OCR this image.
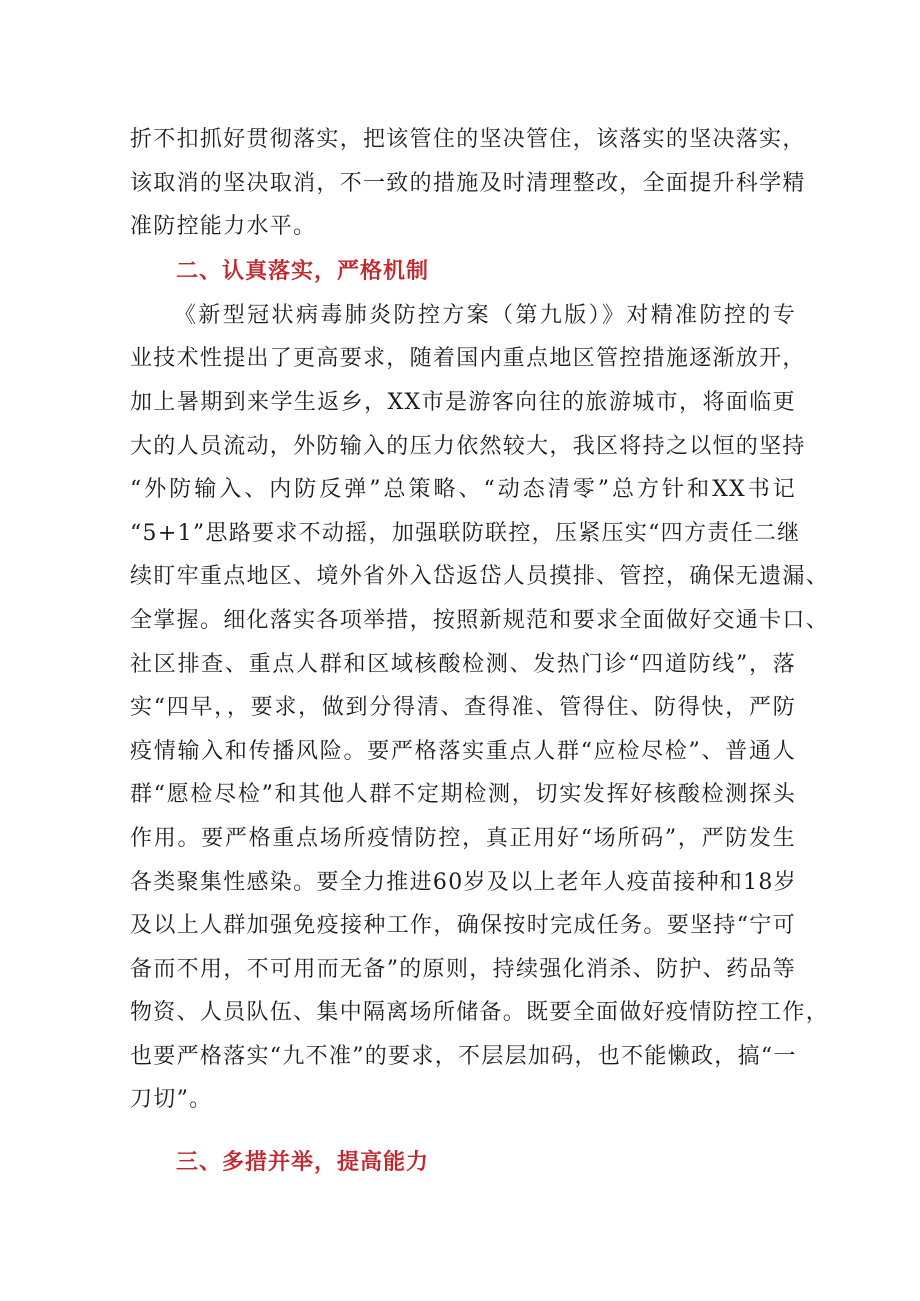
折不扣抓好贯彻落实，把该管住的坚决管住，该落实的坚决落实，
该取消的坚决取消，不一致的措施及时清理整改，全面提升科学精
准防控能力水平。
二、认真落实，严格机制
《新型冠状病毒肺炎防控方案（第九版）》对精准防控的专
业技术性提出了更高要求，随着国内重点地区管控措施逐渐放开，
加上暑期到来学生返乡，XX市是游客向往的旅游城市，将面临更
大的人员流动，外防输入的压力依然较大，我区将持之以恒的坚持
“外防输入、内防反弹”总策略、“动态清零”总方针和XX书记
“5+1”思路要求不动摇，加强联防联控，压紧压实“四方责任二继
续盯牢重点地区、境外省外入岱返岱人员摸排、管控，确保无遗漏、
全掌握。细化落实各项举措，按照新规范和要求全面做好交通卡口、
社区排查、重点人群和区域核酸检测、发热门诊“四道防线”，落
实“四早，，要求，做到分得清、查得准、管得住、防得快，严防
疫情输入和传播风险。要严格落实重点人群“应检尽检”、普通人
群“愿检尽检”和其他人群不定期检测，切实发挥好核酸检测探头
作用。要严格重点场所疫情防控，真正用好“场所码”，严防发生
各类聚集性感染。要全力推进60岁及以上老年人疫苗接种和18岁
及以上人群加强免疫接种工作，确保按时完成任务。要坚持“宁可
备而不用，不可用而无备”的原则，持续强化消杀、防护、药品等
物资、人员队伍、集中隔离场所储备。既要全面做好疫情防控工作，
也要严格落实“九不准”的要求，不层层加码，也不能懒政，搞“一
刀切”。
三、多措并举，提高能力
